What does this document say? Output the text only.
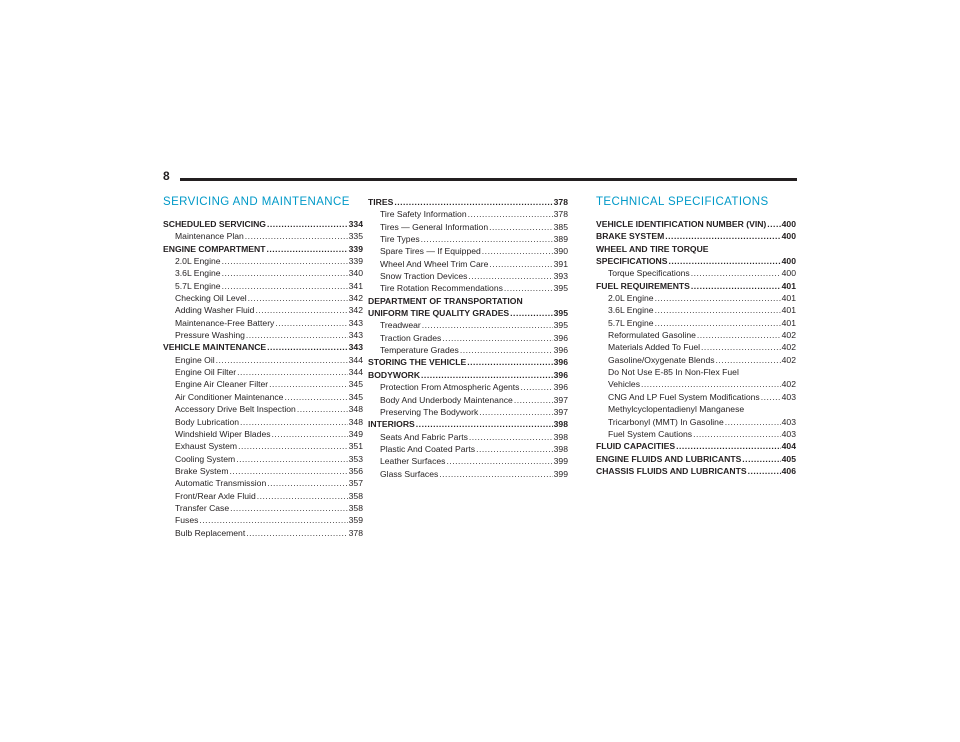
8
SERVICING AND MAINTENANCE
SCHEDULED SERVICING .....	334
Maintenance Plan .....	335
ENGINE COMPARTMENT .....	339
2.0L Engine .....	339
3.6L Engine .....	340
5.7L Engine .....	341
Checking Oil Level .....	342
Adding Washer Fluid .....	342
Maintenance-Free Battery .....	343
Pressure Washing .....	343
VEHICLE MAINTENANCE .....	343
Engine Oil .....	344
Engine Oil Filter .....	344
Engine Air Cleaner Filter .....	345
Air Conditioner Maintenance .....	345
Accessory Drive Belt Inspection .....	348
Body Lubrication .....	348
Windshield Wiper Blades .....	349
Exhaust System .....	351
Cooling System .....	353
Brake System .....	356
Automatic Transmission .....	357
Front/Rear Axle Fluid .....	358
Transfer Case .....	358
Fuses .....	359
Bulb Replacement .....	378
TIRES .....	378
Tire Safety Information .....	378
Tires — General Information .....	385
Tire Types .....	389
Spare Tires — If Equipped .....	390
Wheel And Wheel Trim Care .....	391
Snow Traction Devices .....	393
Tire Rotation Recommendations .....	395
DEPARTMENT OF TRANSPORTATION
UNIFORM TIRE QUALITY GRADES .....	395
Treadwear .....	395
Traction Grades .....	396
Temperature Grades .....	396
STORING THE VEHICLE .....	396
BODYWORK .....	396
Protection From Atmospheric Agents .....	396
Body And Underbody Maintenance .....	397
Preserving The Bodywork .....	397
INTERIORS .....	398
Seats And Fabric Parts .....	398
Plastic And Coated Parts .....	398
Leather Surfaces .....	399
Glass Surfaces .....	399
TECHNICAL SPECIFICATIONS
VEHICLE IDENTIFICATION NUMBER (VIN) ..... 400
BRAKE SYSTEM .....	400
WHEEL AND TIRE TORQUE
SPECIFICATIONS .....	400
Torque Specifications .....	400
FUEL REQUIREMENTS .....	401
2.0L Engine .....	401
3.6L Engine .....	401
5.7L Engine .....	401
Reformulated Gasoline .....	402
Materials Added To Fuel .....	402
Gasoline/Oxygenate Blends .....	402
Do Not Use E-85 In Non-Flex Fuel
Vehicles .....	402
CNG And LP Fuel System Modifications .....	403
Methylcyclopentadienyl Manganese
Tricarbonyl (MMT) In Gasoline .....	403
Fuel System Cautions .....	403
FLUID CAPACITIES .....	404
ENGINE FLUIDS AND LUBRICANTS .....	405
CHASSIS FLUIDS AND LUBRICANTS .....	406
